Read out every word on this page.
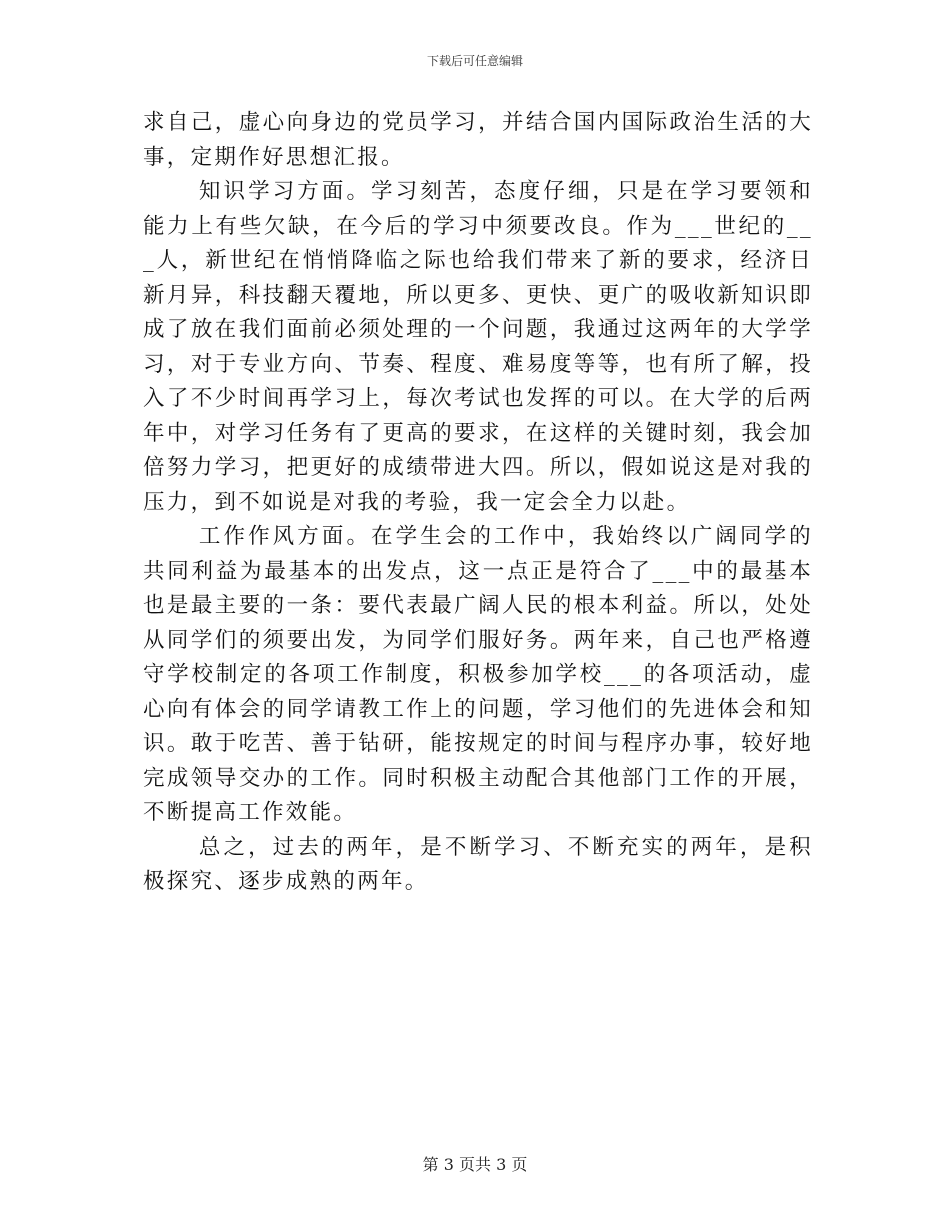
下载后可任意编辑

求自己，虚心向身边的党员学习，并结合国内国际政治生活的大事，定期作好思想汇报。

知识学习方面。学习刻苦，态度仔细，只是在学习要领和能力上有些欠缺，在今后的学习中须要改良。作为___世纪的___人，新世纪在悄悄降临之际也给我们带来了新的要求，经济日新月异，科技翻天覆地，所以更多、更快、更广的吸收新知识即成了放在我们面前必须处理的一个问题，我通过这两年的大学学习，对于专业方向、节奏、程度、难易度等等，也有所了解，投入了不少时间再学习上，每次考试也发挥的可以。在大学的后两年中，对学习任务有了更高的要求，在这样的关键时刻，我会加倍努力学习，把更好的成绩带进大四。所以，假如说这是对我的压力，到不如说是对我的考验，我一定会全力以赴。

工作作风方面。在学生会的工作中，我始终以广阔同学的共同利益为最基本的出发点，这一点正是符合了___中的最基本也是最主要的一条：要代表最广阔人民的根本利益。所以，处处从同学们的须要出发，为同学们服好务。两年来，自己也严格遵守学校制定的各项工作制度，积极参加学校___的各项活动，虚心向有体会的同学请教工作上的问题，学习他们的先进体会和知识。敢于吃苦、善于钻研，能按规定的时间与程序办事，较好地完成领导交办的工作。同时积极主动配合其他部门工作的开展，不断提高工作效能。

总之，过去的两年，是不断学习、不断充实的两年，是积极探究、逐步成熟的两年。

第 3 页共 3 页
